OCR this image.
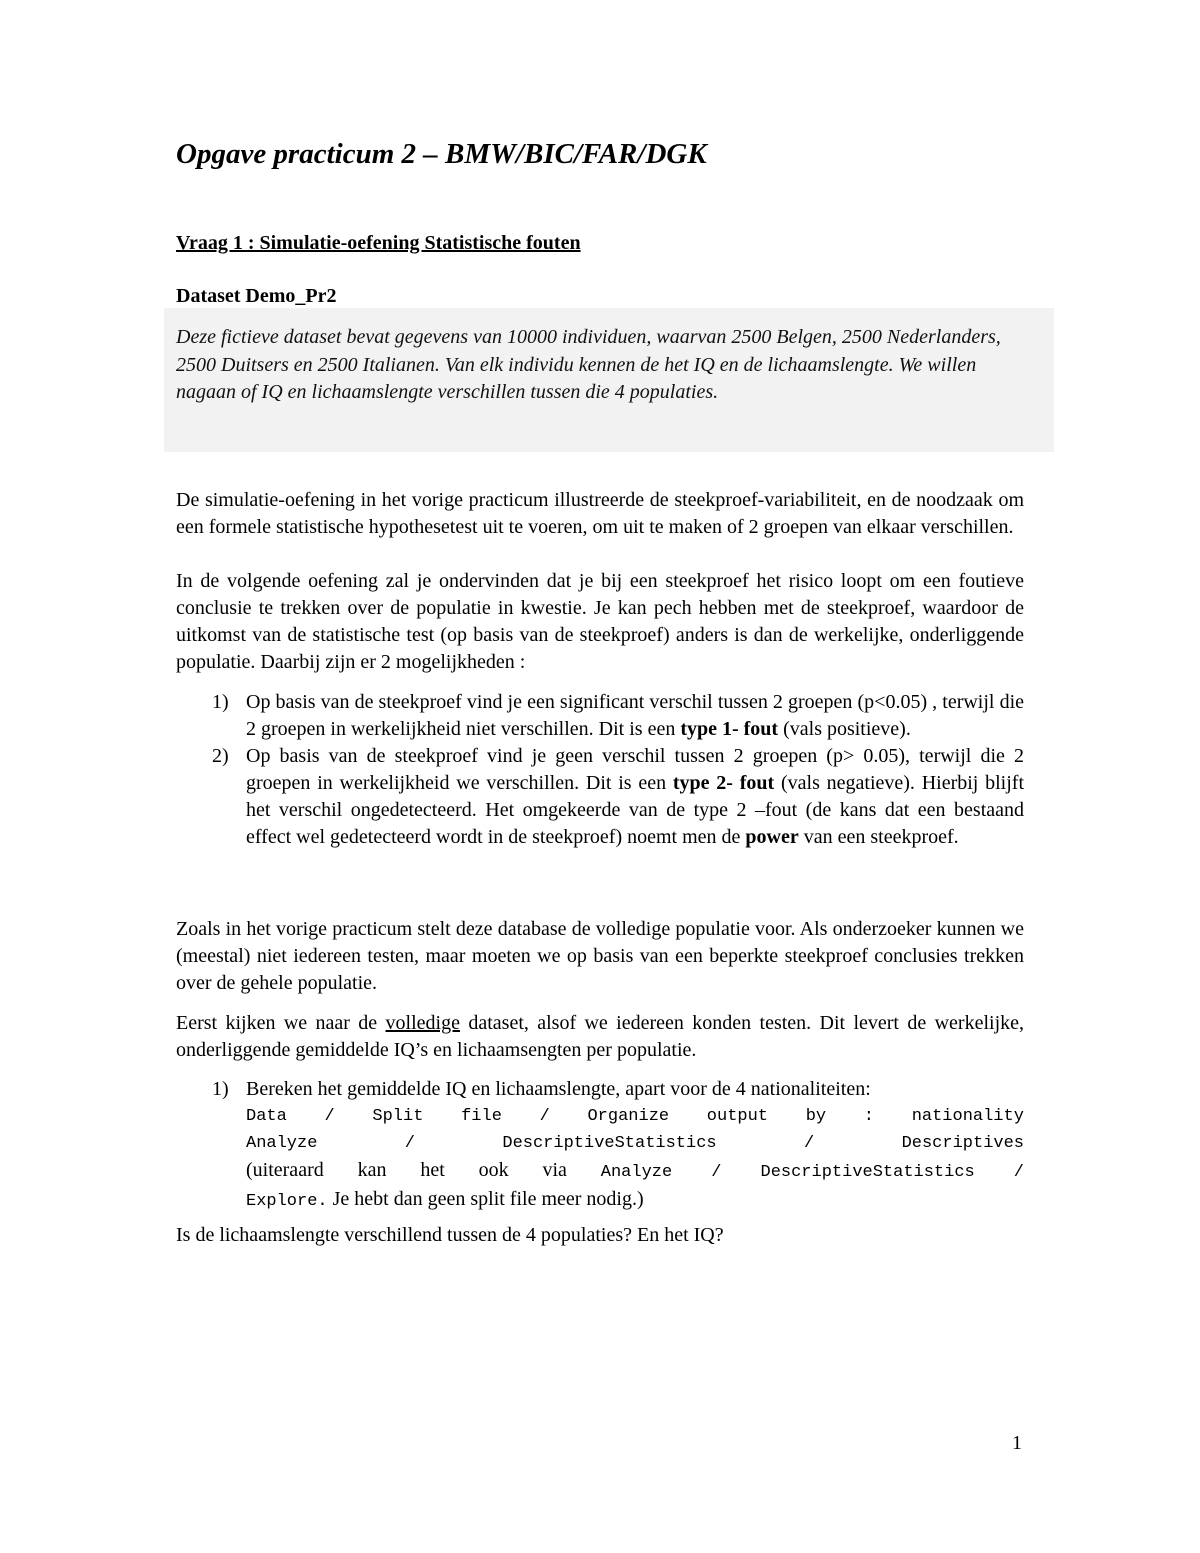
Opgave practicum 2 – BMW/BIC/FAR/DGK
Vraag 1 : Simulatie-oefening Statistische fouten
Dataset Demo_Pr2

Deze fictieve dataset bevat gegevens van 10000 individuen, waarvan 2500 Belgen, 2500 Nederlanders, 2500 Duitsers en 2500 Italianen. Van elk individu kennen de het IQ en de lichaamslengte. We willen nagaan of IQ en lichaamslengte verschillen tussen die 4 populaties.

De simulatie-oefening in het vorige practicum illustreerde de steekproef-variabiliteit, en de noodzaak om een formele statistische hypothesetest uit te voeren, om uit te maken of 2 groepen van elkaar verschillen.

In de volgende oefening zal je ondervinden dat je bij een steekproef het risico loopt om een foutieve conclusie te trekken over de populatie in kwestie. Je kan pech hebben met de steekproef, waardoor de uitkomst van de statistische test (op basis van de steekproef) anders is dan de werkelijke, onderliggende populatie. Daarbij zijn er 2 mogelijkheden :

1) Op basis van de steekproef vind je een significant verschil tussen 2 groepen (p<0.05) , terwijl die 2 groepen in werkelijkheid niet verschillen. Dit is een type 1- fout (vals positieve).
2) Op basis van de steekproef vind je geen verschil tussen 2 groepen (p> 0.05), terwijl die 2 groepen in werkelijkheid we verschillen. Dit is een type 2- fout (vals negatieve). Hierbij blijft het verschil ongedetecteerd. Het omgekeerde van de type 2 –fout (de kans dat een bestaand effect wel gedetecteerd wordt in de steekproef) noemt men de power van een steekproef.

Zoals in het vorige practicum stelt deze database de volledige populatie voor. Als onderzoeker kunnen we (meestal) niet iedereen testen, maar moeten we op basis van een beperkte steekproef conclusies trekken over de gehele populatie.

Eerst kijken we naar de volledige dataset, alsof we iedereen konden testen. Dit levert de werkelijke, onderliggende gemiddelde IQ’s en lichaamsengten per populatie.

1) Bereken het gemiddelde IQ en lichaamslengte, apart voor de 4 nationaliteiten:
Data / Split file / Organize output by : nationality
Analyze	/	DescriptiveStatistics	/	Descriptives
(uiteraard kan het ook via Analyze / DescriptiveStatistics /
Explore. Je hebt dan geen split file meer nodig.)

Is de lichaamslengte verschillend tussen de 4 populaties? En het IQ?

1
